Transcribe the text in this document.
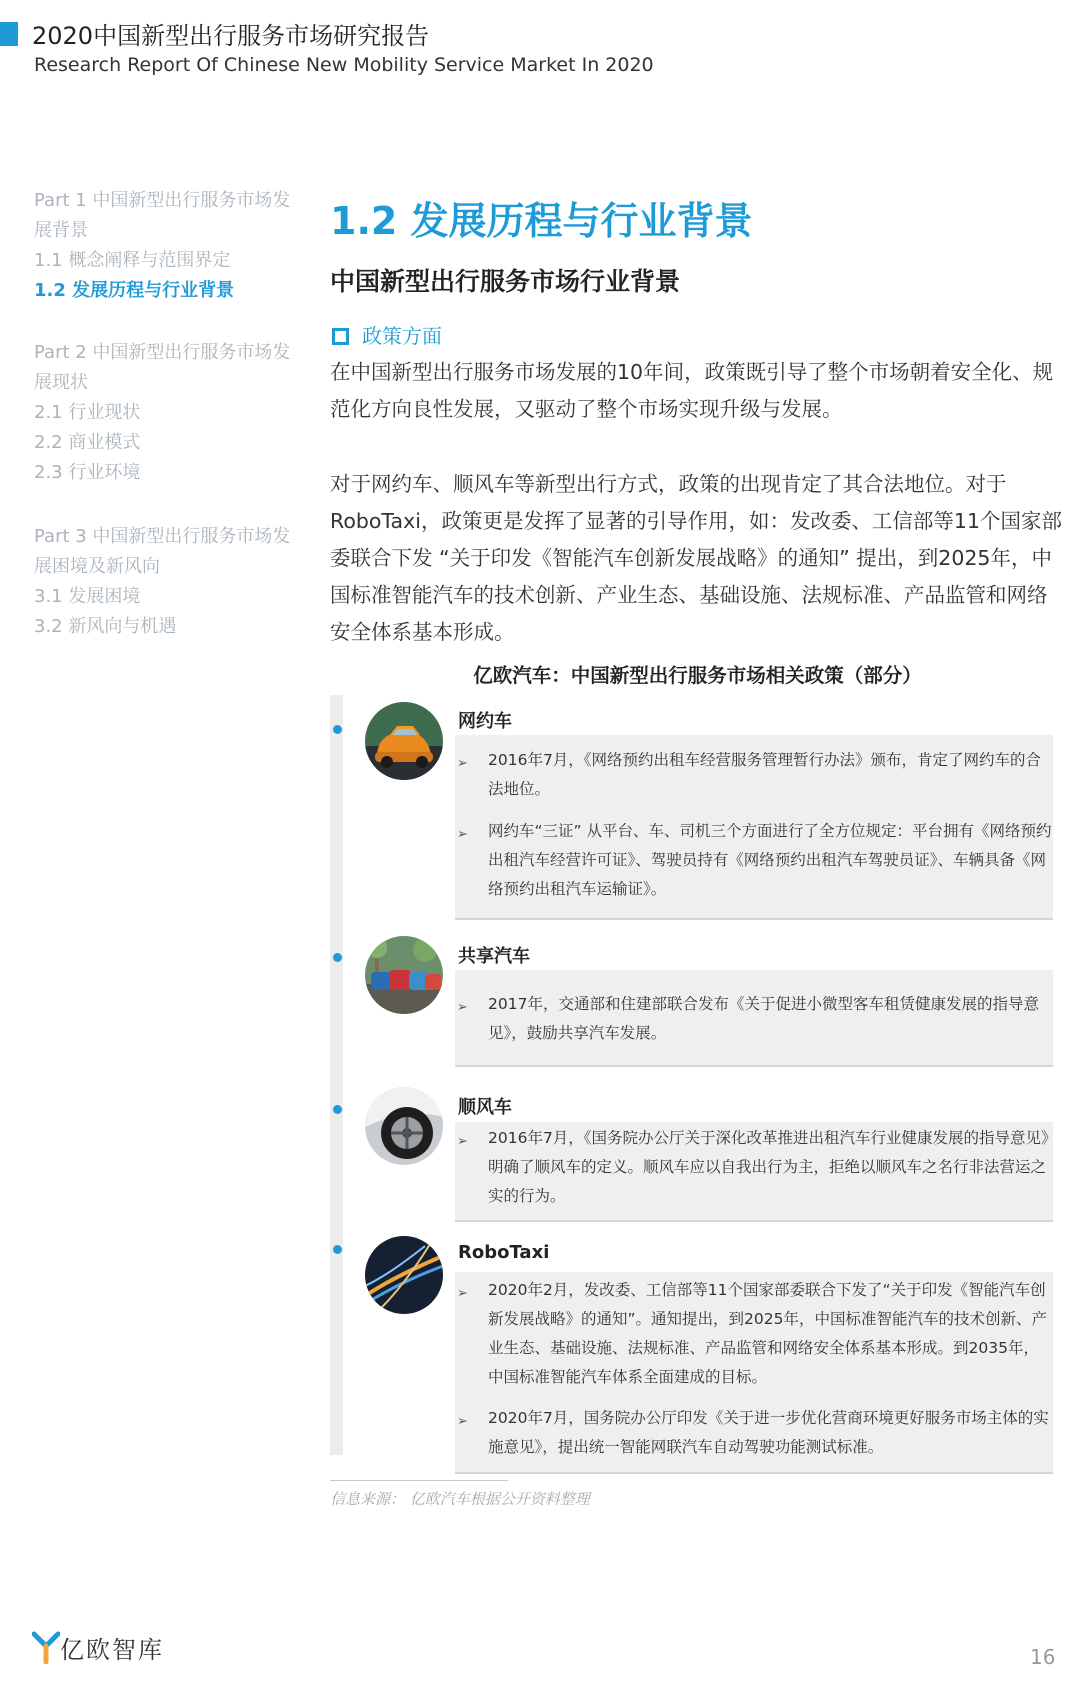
2020中国新型出行服务市场研究报告
Research Report Of Chinese New Mobility Service Market In 2020
Part 1 中国新型出行服务市场发展背景
1.1 概念阐释与范围界定
1.2 发展历程与行业背景
Part 2 中国新型出行服务市场发展现状
2.1 行业现状
2.2 商业模式
2.3 行业环境
Part 3 中国新型出行服务市场发展困境及新风向
3.1 发展困境
3.2 新风向与机遇
1.2 发展历程与行业背景
中国新型出行服务市场行业背景
政策方面
在中国新型出行服务市场发展的10年间，政策既引导了整个市场朝着安全化、规范化方向良性发展，又驱动了整个市场实现升级与发展。
对于网约车、顺风车等新型出行方式，政策的出现肯定了其合法地位。对于RoboTaxi，政策更是发挥了显著的引导作用，如：发改委、工信部等11个国家部委联合下发 “关于印发《智能汽车创新发展战略》的通知” 提出，到2025年，中国标准智能汽车的技术创新、产业生态、基础设施、法规标准、产品监管和网络安全体系基本形成。
亿欧汽车：中国新型出行服务市场相关政策（部分）
网约车
➢ 2016年7月，《网络预约出租车经营服务管理暂行办法》颁布，肯定了网约车的合法地位。
➢ 网约车“三证” 从平台、车、司机三个方面进行了全方位规定：平台拥有《网络预约出租汽车经营许可证》、驾驶员持有《网络预约出租汽车驾驶员证》、车辆具备《网络预约出租汽车运输证》。
共享汽车
➢ 2017年，交通部和住建部联合发布《关于促进小微型客车租赁健康发展的指导意见》，鼓励共享汽车发展。
顺风车
➢ 2016年7月，《国务院办公厅关于深化改革推进出租汽车行业健康发展的指导意见》明确了顺风车的定义。顺风车应以自我出行为主，拒绝以顺风车之名行非法营运之实的行为。
RoboTaxi
➢ 2020年2月，发改委、工信部等11个国家部委联合下发了“关于印发《智能汽车创新发展战略》的通知”。通知提出，到2025年，中国标准智能汽车的技术创新、产业生态、基础设施、法规标准、产品监管和网络安全体系基本形成。到2035年，中国标准智能汽车体系全面建成的目标。
➢ 2020年7月，国务院办公厅印发《关于进一步优化营商环境更好服务市场主体的实施意见》，提出统一智能网联汽车自动驾驶功能测试标准。
信息来源： 亿欧汽车根据公开资料整理
亿欧智库	16
